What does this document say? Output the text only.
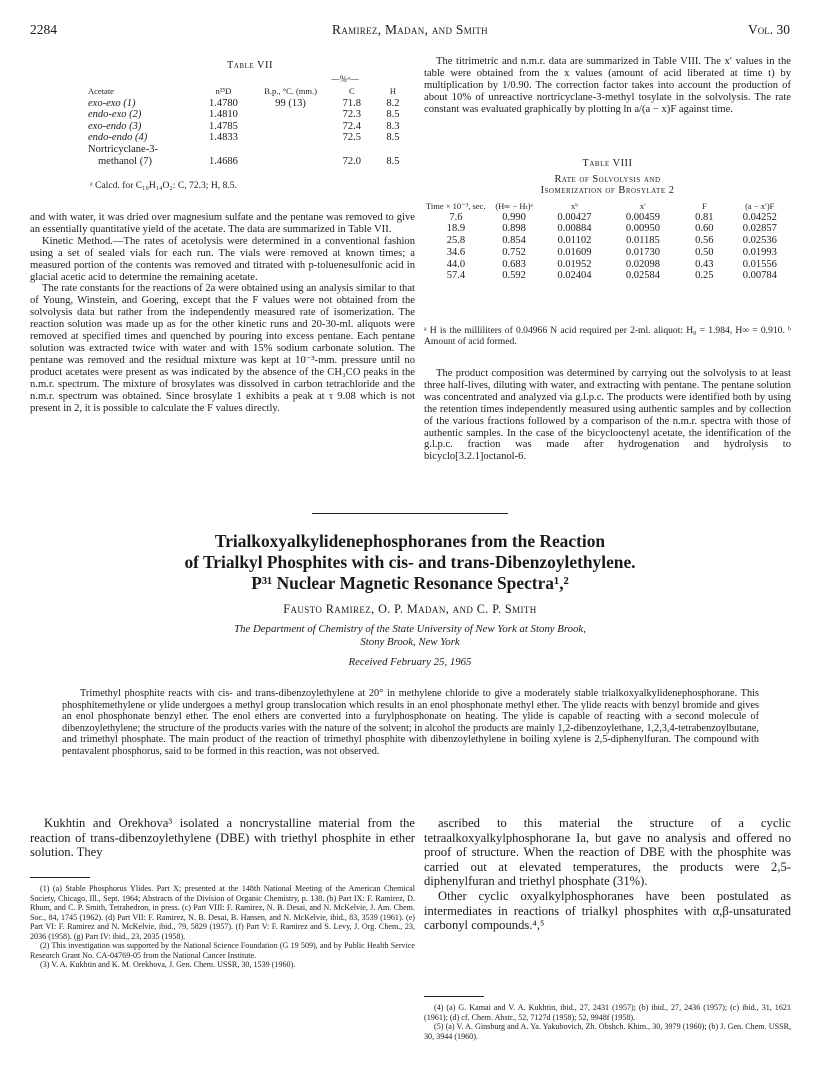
2284	Ramirez, Madan, and Smith	Vol. 30
Table VII
—%ᵃ—
Acetate	n²⁵D	B.p., °C. (mm.)	C	H
exo-exo (1)	1.4780	99 (13)	71.8	8.2
endo-exo (2)	1.4810		72.3	8.5
exo-endo (3)	1.4785		72.4	8.3
endo-endo (4)	1.4833		72.5	8.5
Nortricyclane-3-				
methanol (7)	1.4686		72.0	8.5
ᵃ Calcd. for C₁₀H₁₄O₂: C, 72.3; H, 8.5.

and with water, it was dried over magnesium sulfate and the pentane was removed to give an essentially quantitative yield of the acetate. The data are summarized in Table VII.

Kinetic Method.—The rates of acetolysis were determined in a conventional fashion using a set of sealed vials for each run. The vials were removed at known times; a measured portion of the contents was removed and titrated with p-toluenesulfonic acid in glacial acetic acid to determine the remaining acetate.

The rate constants for the reactions of 2a were obtained using an analysis similar to that of Young, Winstein, and Goering, except that the F values were not obtained from the solvolysis data but rather from the independently measured rate of isomerization. The reaction solution was made up as for the other kinetic runs and 20-30-ml. aliquots were removed at specified times and quenched by pouring into excess pentane. Each pentane solution was extracted twice with water and with 15% sodium carbonate solution. The pentane was removed and the residual mixture was kept at 10⁻³-mm. pressure until no product acetates were present as was indicated by the absence of the CH₃CO peaks in the n.m.r. spectrum. The mixture of brosylates was dissolved in carbon tetrachloride and the n.m.r. spectrum was obtained. Since brosylate 1 exhibits a peak at τ 9.08 which is not present in 2, it is possible to calculate the F values directly.

The titrimetric and n.m.r. data are summarized in Table VIII. The x′ values in the table were obtained from the x values (amount of acid liberated at time t) by multiplication by 1/0.90. The correction factor takes into account the production of about 10% of unreactive nortricyclane-3-methyl tosylate in the solvolysis. The rate constant was evaluated graphically by plotting ln a/(a − x)F against time.

Table VIII
Rate of Solvolysis and
Isomerization of Brosylate 2
Time × 10⁻³, sec.	(H∞ − Hₜ)ᵃ	xᵇ	x′	F	(a − x′)F
7.6	0.990	0.00427	0.00459	0.81	0.04252
18.9	0.898	0.00884	0.00950	0.60	0.02857
25.8	0.854	0.01102	0.01185	0.56	0.02536
34.6	0.752	0.01609	0.01730	0.50	0.01993
44.0	0.683	0.01952	0.02098	0.43	0.01556
57.4	0.592	0.02404	0.02584	0.25	0.00784
ᵃ H is the milliliters of 0.04966 N acid required per 2-ml. aliquot: H₀ = 1.984, H∞ = 0.910. ᵇ Amount of acid formed.

The product composition was determined by carrying out the solvolysis to at least three half-lives, diluting with water, and extracting with pentane. The pentane solution was concentrated and analyzed via g.l.p.c. The products were identified both by using the retention times independently measured using authentic samples and by collection of the various fractions followed by a comparison of the n.m.r. spectra with those of authentic samples. In the case of the bicyclooctenyl acetate, the identification of the g.l.p.c. fraction was made after hydrogenation and hydrolysis to bicyclo[3.2.1]octanol-6.

Trialkoxyalkylidenephosphoranes from the Reaction
of Trialkyl Phosphites with cis- and trans-Dibenzoylethylene.
P³¹ Nuclear Magnetic Resonance Spectra¹,²
Fausto Ramirez, O. P. Madan, and C. P. Smith
The Department of Chemistry of the State University of New York at Stony Brook,
Stony Brook, New York
Received February 25, 1965

Trimethyl phosphite reacts with cis- and trans-dibenzoylethylene at 20° in methylene chloride to give a moderately stable trialkoxyalkylidenephosphorane. This phosphitemethylene or ylide undergoes a methyl group translocation which results in an enol phosphonate methyl ether. The ylide reacts with benzyl bromide and gives an enol phosphonate benzyl ether. The enol ethers are converted into a furylphosphonate on heating. The ylide is capable of reacting with a second molecule of dibenzoylethylene; the structure of the products varies with the nature of the solvent; in alcohol the products are mainly 1,2-dibenzoylethane, 1,2,3,4-tetrabenzoylbutane, and trimethyl phosphate. The main product of the reaction of trimethyl phosphite with dibenzoylethylene in boiling xylene is 2,5-diphenylfuran. The compound with pentavalent phosphorus, said to be formed in this reaction, was not observed.

Kukhtin and Orekhova³ isolated a noncrystalline material from the reaction of trans-dibenzoylethylene (DBE) with triethyl phosphite in ether solution. They

(1) (a) Stable Phosphorus Ylides. Part X; presented at the 148th National Meeting of the American Chemical Society, Chicago, Ill., Sept. 1964; Abstracts of the Division of Organic Chemistry, p. 138. (b) Part IX: F. Ramirez, D. Rhum, and C. P. Smith, Tetrahedron, in press. (c) Part VIII: F. Ramirez, N. B. Desai, and N. McKelvie, J. Am. Chem. Soc., 84, 1745 (1962). (d) Part VII: F. Ramirez, N. B. Desai, B. Hansen, and N. McKelvie, ibid., 83, 3539 (1961). (e) Part VI: F. Ramirez and N. McKelvie, ibid., 79, 5829 (1957). (f) Part V: F. Ramirez and S. Levy, J. Org. Chem., 23, 2036 (1958). (g) Part IV: ibid., 23, 2035 (1958).

(2) This investigation was supported by the National Science Foundation (G 19 509), and by Public Health Service Research Grant No. CA-04769-05 from the National Cancer Institute.

(3) V. A. Kukhtin and K. M. Orekhova, J. Gen. Chem. USSR, 30, 1539 (1960).

ascribed to this material the structure of a cyclic tetraalkoxyalkylphosphorane Ia, but gave no analysis and offered no proof of structure. When the reaction of DBE with the phosphite was carried out at elevated temperatures, the products were 2,5-diphenylfuran and triethyl phosphate (31%).

Other cyclic oxyalkylphosphoranes have been postulated as intermediates in reactions of trialkyl phosphites with α,β-unsaturated carbonyl compounds.⁴,⁵

(4) (a) G. Kamai and V. A. Kukhtin, ibid., 27, 2431 (1957); (b) ibid., 27, 2436 (1957); (c) ibid., 31, 1621 (1961); (d) cf. Chem. Abstr., 52, 7127d (1958); 52, 9948f (1958).

(5) (a) V. A. Ginsburg and A. Ya. Yakubovich, Zh. Obshch. Khim., 30, 3979 (1960); (b) J. Gen. Chem. USSR, 30, 3944 (1960).
